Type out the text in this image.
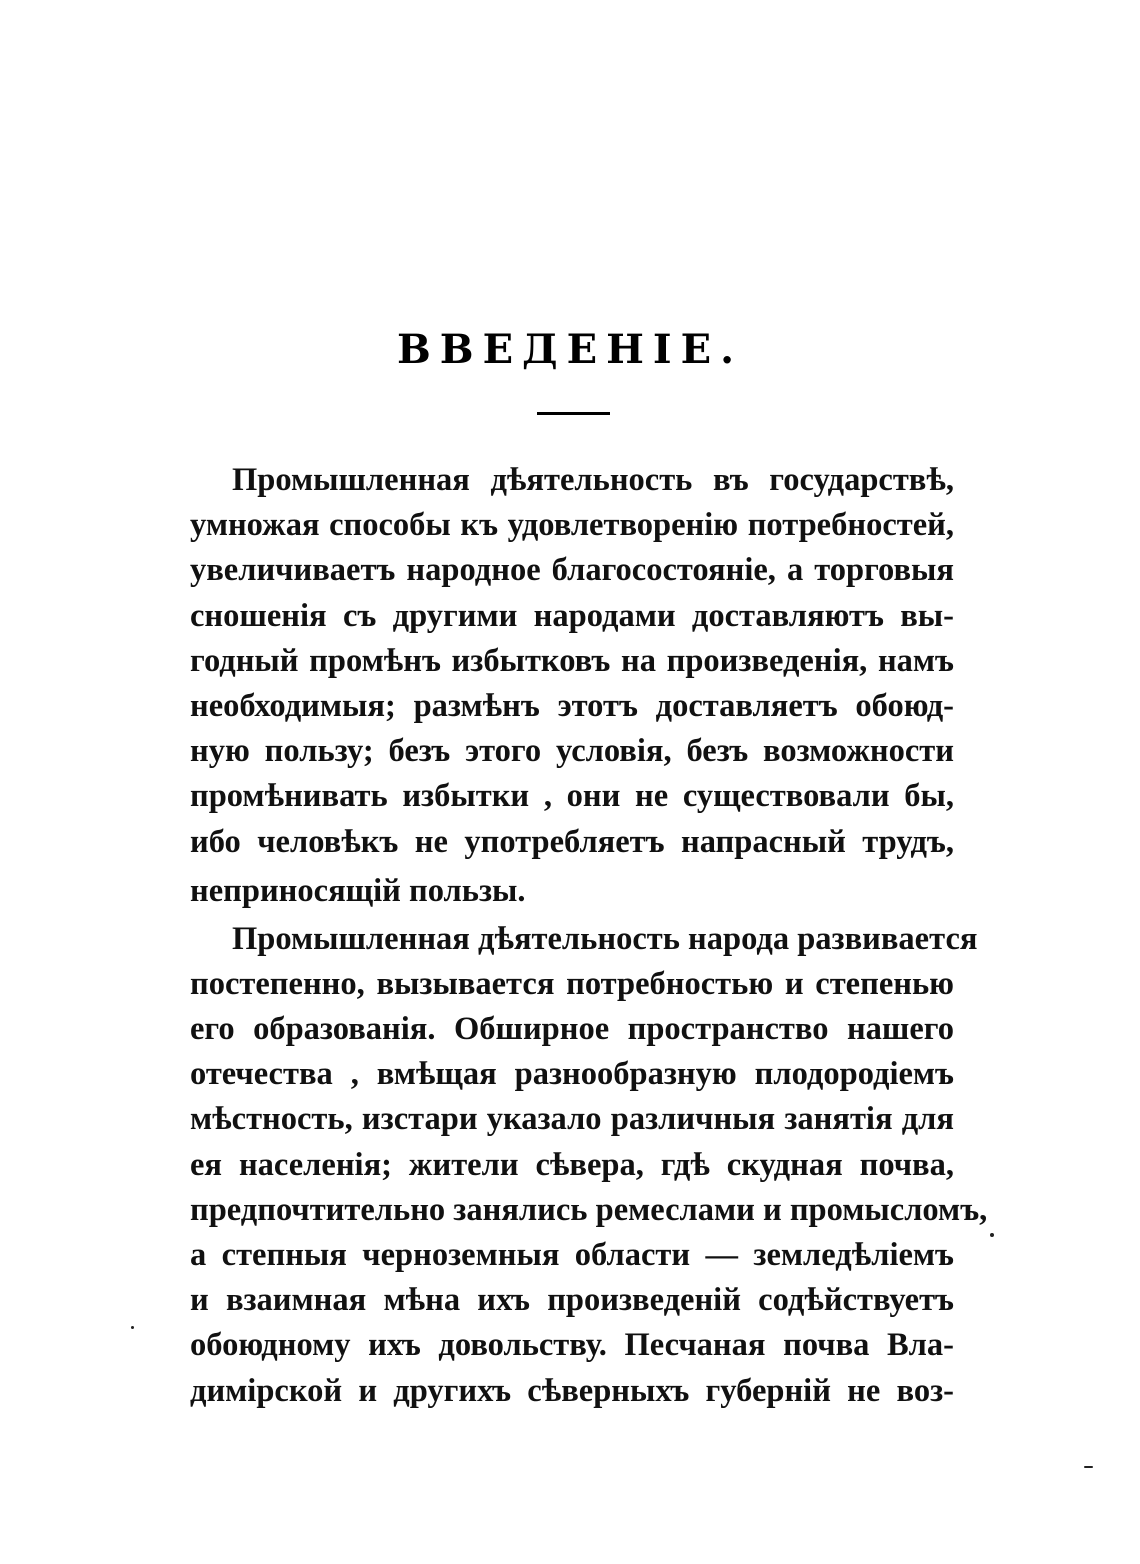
ВВЕДЕНІЕ.
Промышленная дѣятельность въ государствѣ,
умножая способы къ удовлетворенію потребностей,
увеличиваетъ народное благосостояніе, а торговыя
сношенія съ другими народами доставляютъ вы-
годный промѣнъ избытковъ на произведенія, намъ
необходимыя; размѣнъ этотъ доставляетъ обоюд-
ную пользу; безъ этого условія, безъ возможности
промѣнивать избытки , они не существовали бы,
ибо человѣкъ не употребляетъ напрасный трудъ,
неприносящій пользы.
Промышленная дѣятельность народа развивается
постепенно, вызывается потребностью и степенью
его образованія. Обширное пространство нашего
отечества , вмѣщая разнообразную плодородіемъ
мѣстность, изстари указало различныя занятія для
ея населенія; жители сѣвера, гдѣ скудная почва,
предпочтительно занялись ремеслами и промысломъ,
а степныя черноземныя области — земледѣліемъ
и взаимная мѣна ихъ произведеній содѣйствуетъ
обоюдному ихъ довольству. Песчаная почва Вла-
димірской и другихъ сѣверныхъ губерній не воз-
